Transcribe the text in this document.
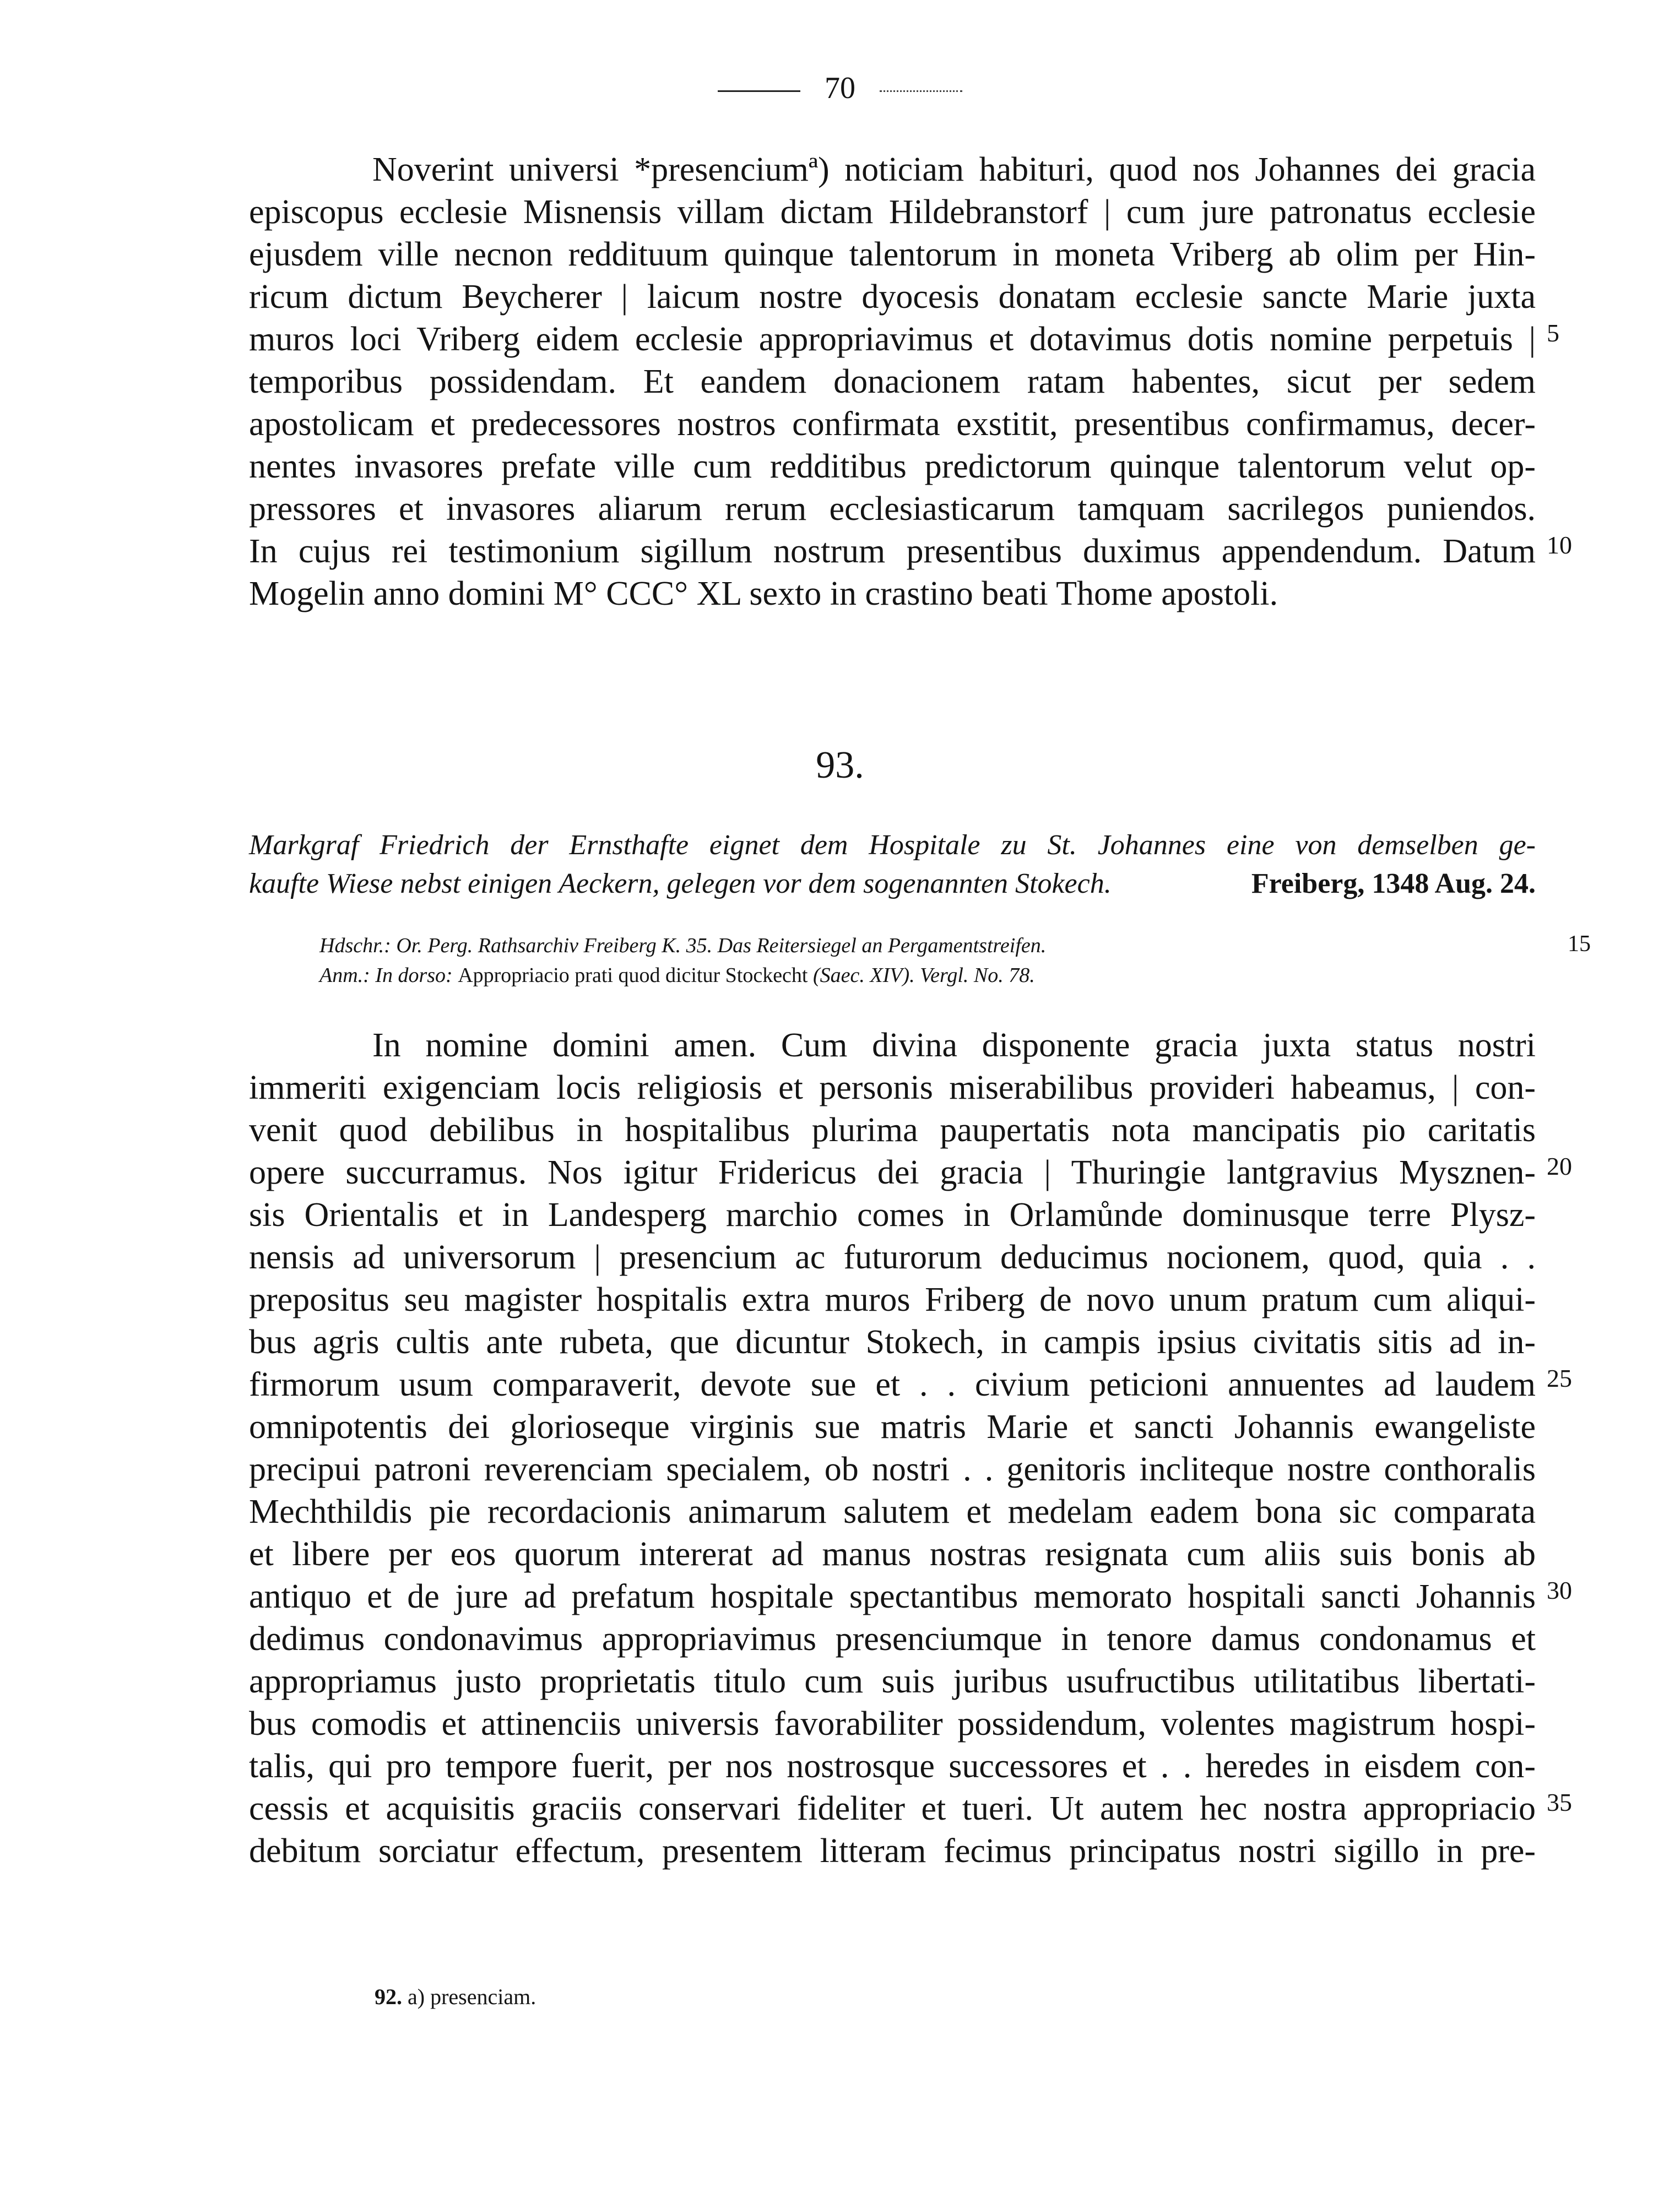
70
Noverint universi *presenciumª) noticiam habituri, quod nos Johannes dei gracia
episcopus ecclesie Misnensis villam dictam Hildebranstorf | cum jure patronatus ecclesie
ejusdem ville necnon reddituum quinque talentorum in moneta Vriberg ab olim per Hin-
ricum dictum Beycherer | laicum nostre dyocesis donatam ecclesie sancte Marie juxta
muros loci Vriberg eidem ecclesie appropriavimus et dotavimus dotis nomine perpetuis |
temporibus possidendam. Et eandem donacionem ratam habentes, sicut per sedem
apostolicam et predecessores nostros confirmata exstitit, presentibus confirmamus, decer-
nentes invasores prefate ville cum redditibus predictorum quinque talentorum velut op-
pressores et invasores aliarum rerum ecclesiasticarum tamquam sacrilegos puniendos.
In cujus rei testimonium sigillum nostrum presentibus duximus appendendum. Datum
Mogelin anno domini M° CCC° XL sexto in crastino beati Thome apostoli.
5
10
93.
Markgraf Friedrich der Ernsthafte eignet dem Hospitale zu St. Johannes eine von demselben ge-
kaufte Wiese nebst einigen Aeckern, gelegen vor dem sogenannten Stokech.	Freiberg, 1348 Aug. 24.
Hdschr.: Or. Perg. Rathsarchiv Freiberg K. 35. Das Reitersiegel an Pergamentstreifen.
Anm.: In dorso: Appropriacio prati quod dicitur Stockecht (Saec. XIV). Vergl. No. 78.
15
In nomine domini amen. Cum divina disponente gracia juxta status nostri
immeriti exigenciam locis religiosis et personis miserabilibus provideri habeamus, | con-
venit quod debilibus in hospitalibus plurima paupertatis nota mancipatis pio caritatis
opere succurramus. Nos igitur Fridericus dei gracia | Thuringie lantgravius Mysznen-
sis Orientalis et in Landesperg marchio comes in Orlamůnde dominusque terre Plysz-
nensis ad universorum | presencium ac futurorum deducimus nocionem, quod, quia . .
prepositus seu magister hospitalis extra muros Friberg de novo unum pratum cum aliqui-
bus agris cultis ante rubeta, que dicuntur Stokech, in campis ipsius civitatis sitis ad in-
firmorum usum comparaverit, devote sue et . . civium peticioni annuentes ad laudem
omnipotentis dei glorioseque virginis sue matris Marie et sancti Johannis ewangeliste
precipui patroni reverenciam specialem, ob nostri . . genitoris incliteque nostre conthoralis
Mechthildis pie recordacionis animarum salutem et medelam eadem bona sic comparata
et libere per eos quorum intererat ad manus nostras resignata cum aliis suis bonis ab
antiquo et de jure ad prefatum hospitale spectantibus memorato hospitali sancti Johannis
dedimus condonavimus appropriavimus presenciumque in tenore damus condonamus et
appropriamus justo proprietatis titulo cum suis juribus usufructibus utilitatibus libertati-
bus comodis et attinenciis universis favorabiliter possidendum, volentes magistrum hospi-
talis, qui pro tempore fuerit, per nos nostrosque successores et . . heredes in eisdem con-
cessis et acquisitis graciis conservari fideliter et tueri. Ut autem hec nostra appropriacio
debitum sorciatur effectum, presentem litteram fecimus principatus nostri sigillo in pre-
20
25
30
35
92. a) presenciam.
